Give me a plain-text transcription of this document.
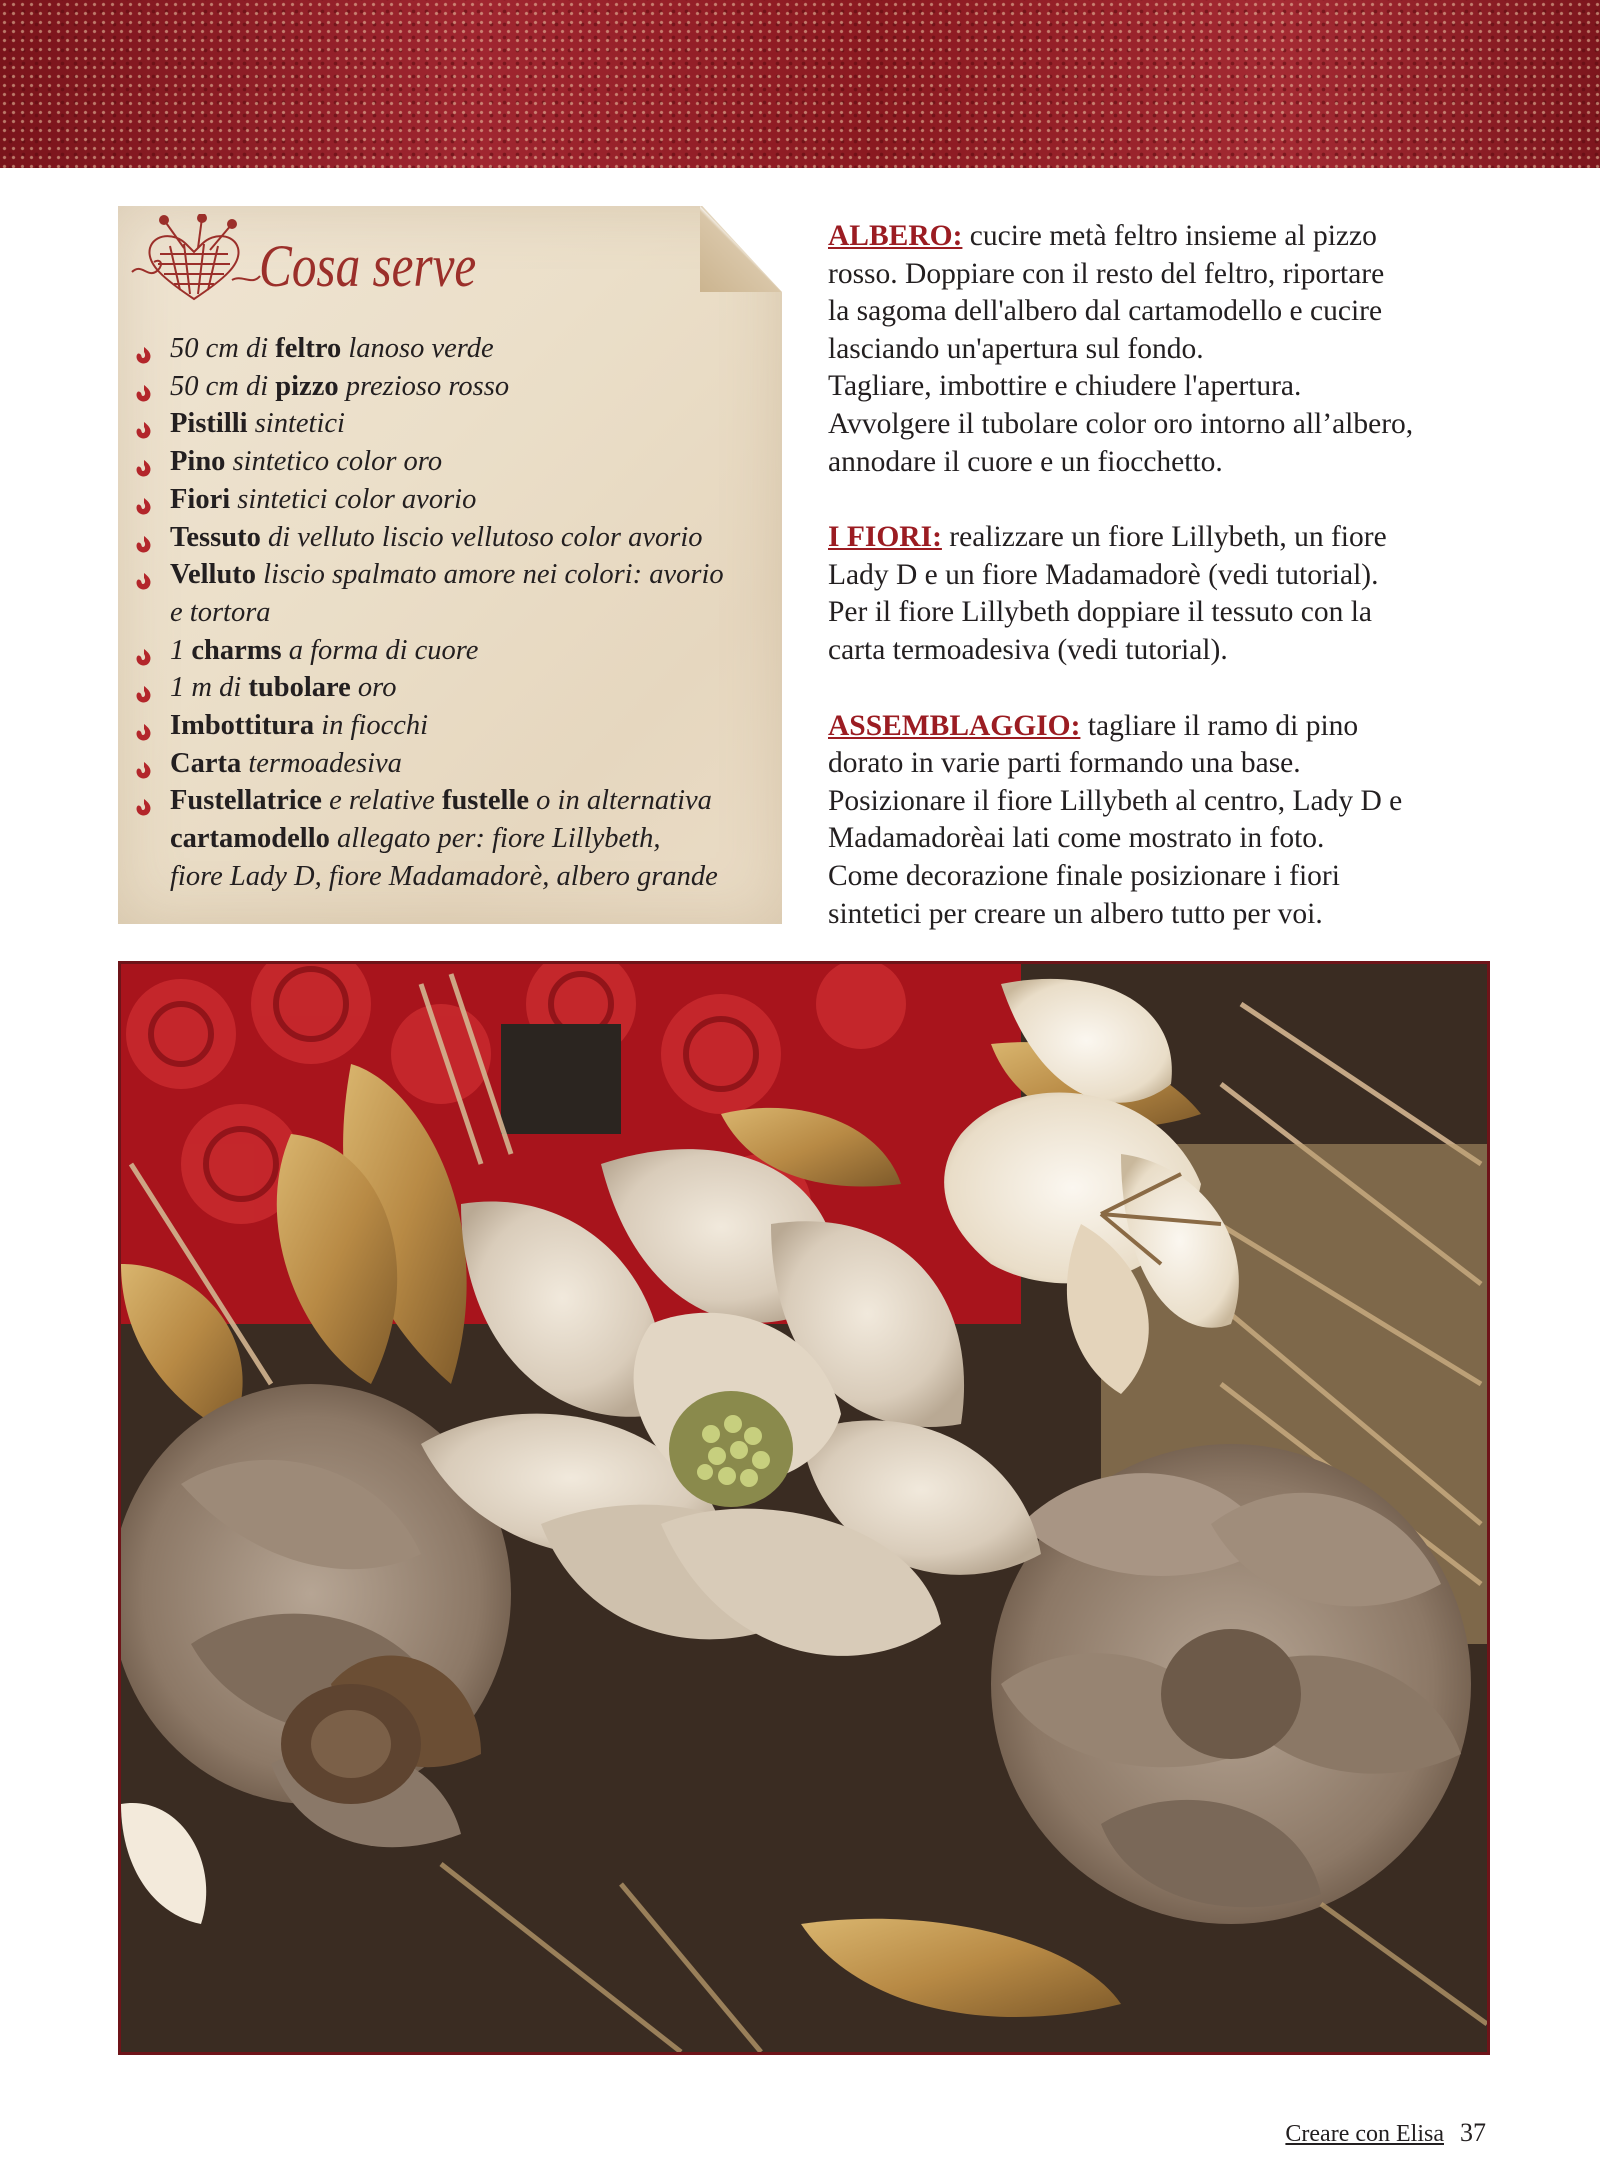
Cosa serve
50 cm di feltro lanoso verde
50 cm di pizzo prezioso rosso
Pistilli sintetici
Pino sintetico color oro
Fiori sintetici color avorio
Tessuto di velluto liscio vellutoso color avorio
Velluto liscio spalmato amore nei colori: avorio
e tortora
1 charms a forma di cuore
1 m di tubolare oro
Imbottitura in fiocchi
Carta termoadesiva
Fustellatrice e relative fustelle o in alternativa
cartamodello allegato per: fiore Lillybeth,
fiore Lady D, fiore Madamadorè, albero grande
ALBERO: cucire metà feltro insieme al pizzo
rosso. Doppiare con il resto del feltro, riportare
la sagoma dell'albero dal cartamodello e cucire
lasciando un'apertura sul fondo.
Tagliare, imbottire e chiudere l'apertura.
Avvolgere il tubolare color oro intorno all’albero,
annodare il cuore e un fiocchetto.
I FIORI: realizzare un fiore Lillybeth, un fiore
Lady D e un fiore Madamadorè (vedi tutorial).
Per il fiore Lillybeth doppiare il tessuto con la
carta termoadesiva (vedi tutorial).
ASSEMBLAGGIO: tagliare il ramo di pino
dorato in varie parti formando una base.
Posizionare il fiore Lillybeth al centro, Lady D e
Madamadorèai lati come mostrato in foto.
Come decorazione finale posizionare i fiori
sintetici per creare un albero tutto per voi.
Creare con Elisa 37
